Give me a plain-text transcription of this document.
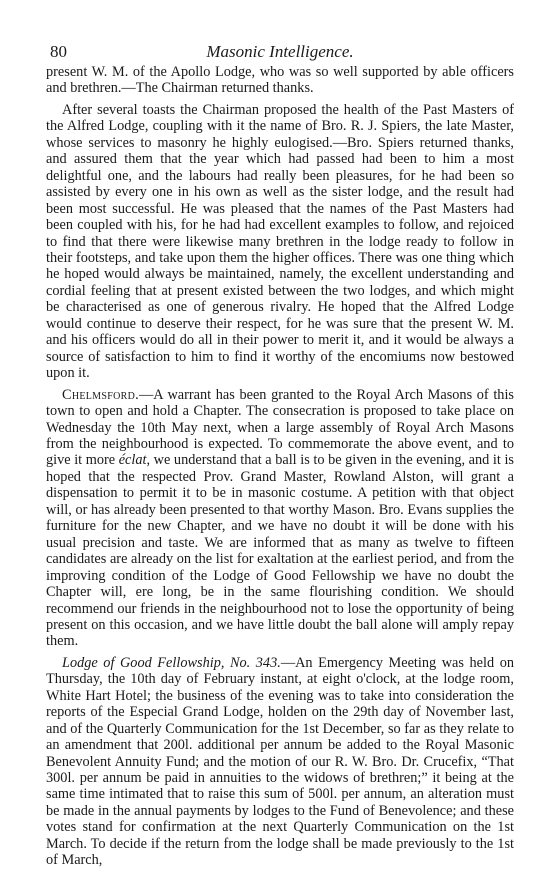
80	Masonic Intelligence.

present W. M. of the Apollo Lodge, who was so well supported by able officers and brethren.—The Chairman returned thanks.

After several toasts the Chairman proposed the health of the Past Masters of the Alfred Lodge, coupling with it the name of Bro. R. J. Spiers, the late Master, whose services to masonry he highly eulogised.—Bro. Spiers returned thanks, and assured them that the year which had passed had been to him a most delightful one, and the labours had really been pleasures, for he had been so assisted by every one in his own as well as the sister lodge, and the result had been most successful. He was pleased that the names of the Past Masters had been coupled with his, for he had had excellent examples to follow, and rejoiced to find that there were likewise many brethren in the lodge ready to follow in their footsteps, and take upon them the higher offices. There was one thing which he hoped would always be maintained, namely, the excellent understanding and cordial feeling that at present existed between the two lodges, and which might be characterised as one of generous rivalry. He hoped that the Alfred Lodge would continue to deserve their respect, for he was sure that the present W. M. and his officers would do all in their power to merit it, and it would be always a source of satisfaction to him to find it worthy of the encomiums now bestowed upon it.

Chelmsford.—A warrant has been granted to the Royal Arch Masons of this town to open and hold a Chapter. The consecration is proposed to take place on Wednesday the 10th May next, when a large assembly of Royal Arch Masons from the neighbourhood is expected. To commemorate the above event, and to give it more éclat, we understand that a ball is to be given in the evening, and it is hoped that the respected Prov. Grand Master, Rowland Alston, will grant a dispensation to permit it to be in masonic costume. A petition with that object will, or has already been presented to that worthy Mason. Bro. Evans supplies the furniture for the new Chapter, and we have no doubt it will be done with his usual precision and taste. We are informed that as many as twelve to fifteen candidates are already on the list for exaltation at the earliest period, and from the improving condition of the Lodge of Good Fellowship we have no doubt the Chapter will, ere long, be in the same flourishing condition. We should recommend our friends in the neighbourhood not to lose the opportunity of being present on this occasion, and we have little doubt the ball alone will amply repay them.

Lodge of Good Fellowship, No. 343.—An Emergency Meeting was held on Thursday, the 10th day of February instant, at eight o'clock, at the lodge room, White Hart Hotel; the business of the evening was to take into consideration the reports of the Especial Grand Lodge, holden on the 29th day of November last, and of the Quarterly Communication for the 1st December, so far as they relate to an amendment that 200l. additional per annum be added to the Royal Masonic Benevolent Annuity Fund; and the motion of our R. W. Bro. Dr. Crucefix, “That 300l. per annum be paid in annuities to the widows of brethren;” it being at the same time intimated that to raise this sum of 500l. per annum, an alteration must be made in the annual payments by lodges to the Fund of Benevolence; and these votes stand for confirmation at the next Quarterly Communication on the 1st March. To decide if the return from the lodge shall be made previously to the 1st of March,
